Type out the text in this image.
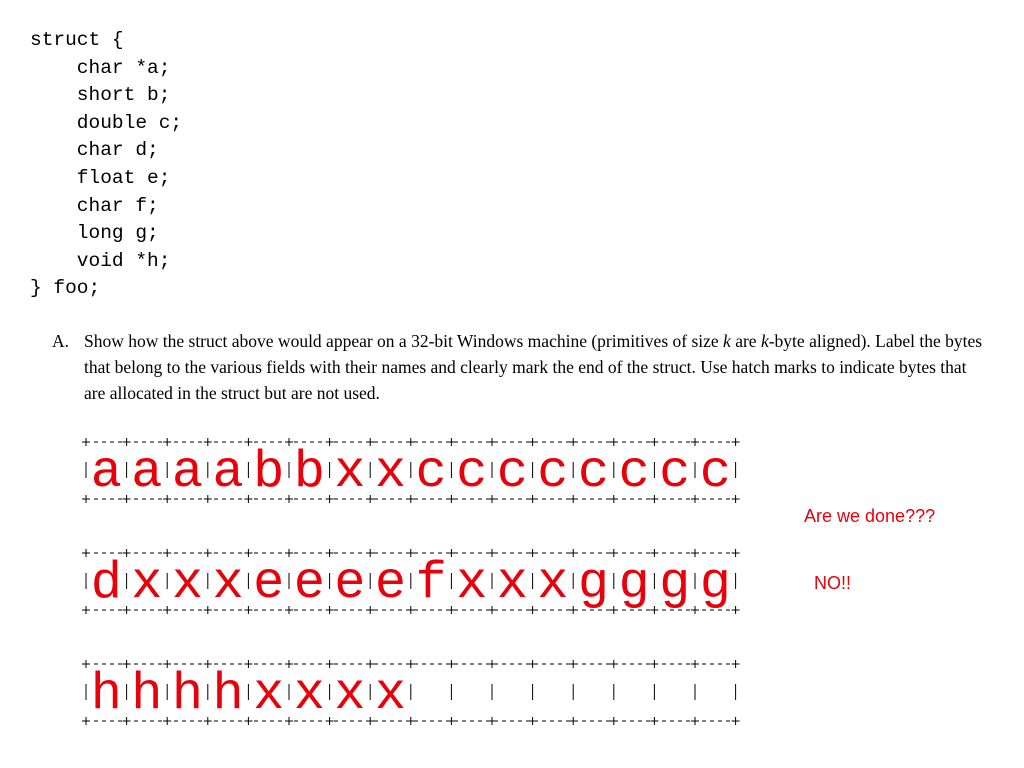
struct {
char *a;
short b;
double c;
char d;
float e;
char f;
long g;
void *h;
} foo;
A. Show how the struct above would appear on a 32-bit Windows machine (primitives of size k are k-byte aligned). Label the bytes that belong to the various fields with their names and clearly mark the end of the struct. Use hatch marks to indicate bytes that are allocated in the struct but are not used.
a a a a b b x x c c c c c c c c
d x x x e e e e f x x x g g g g
h h h h x x x x
Are we done???
NO!!
